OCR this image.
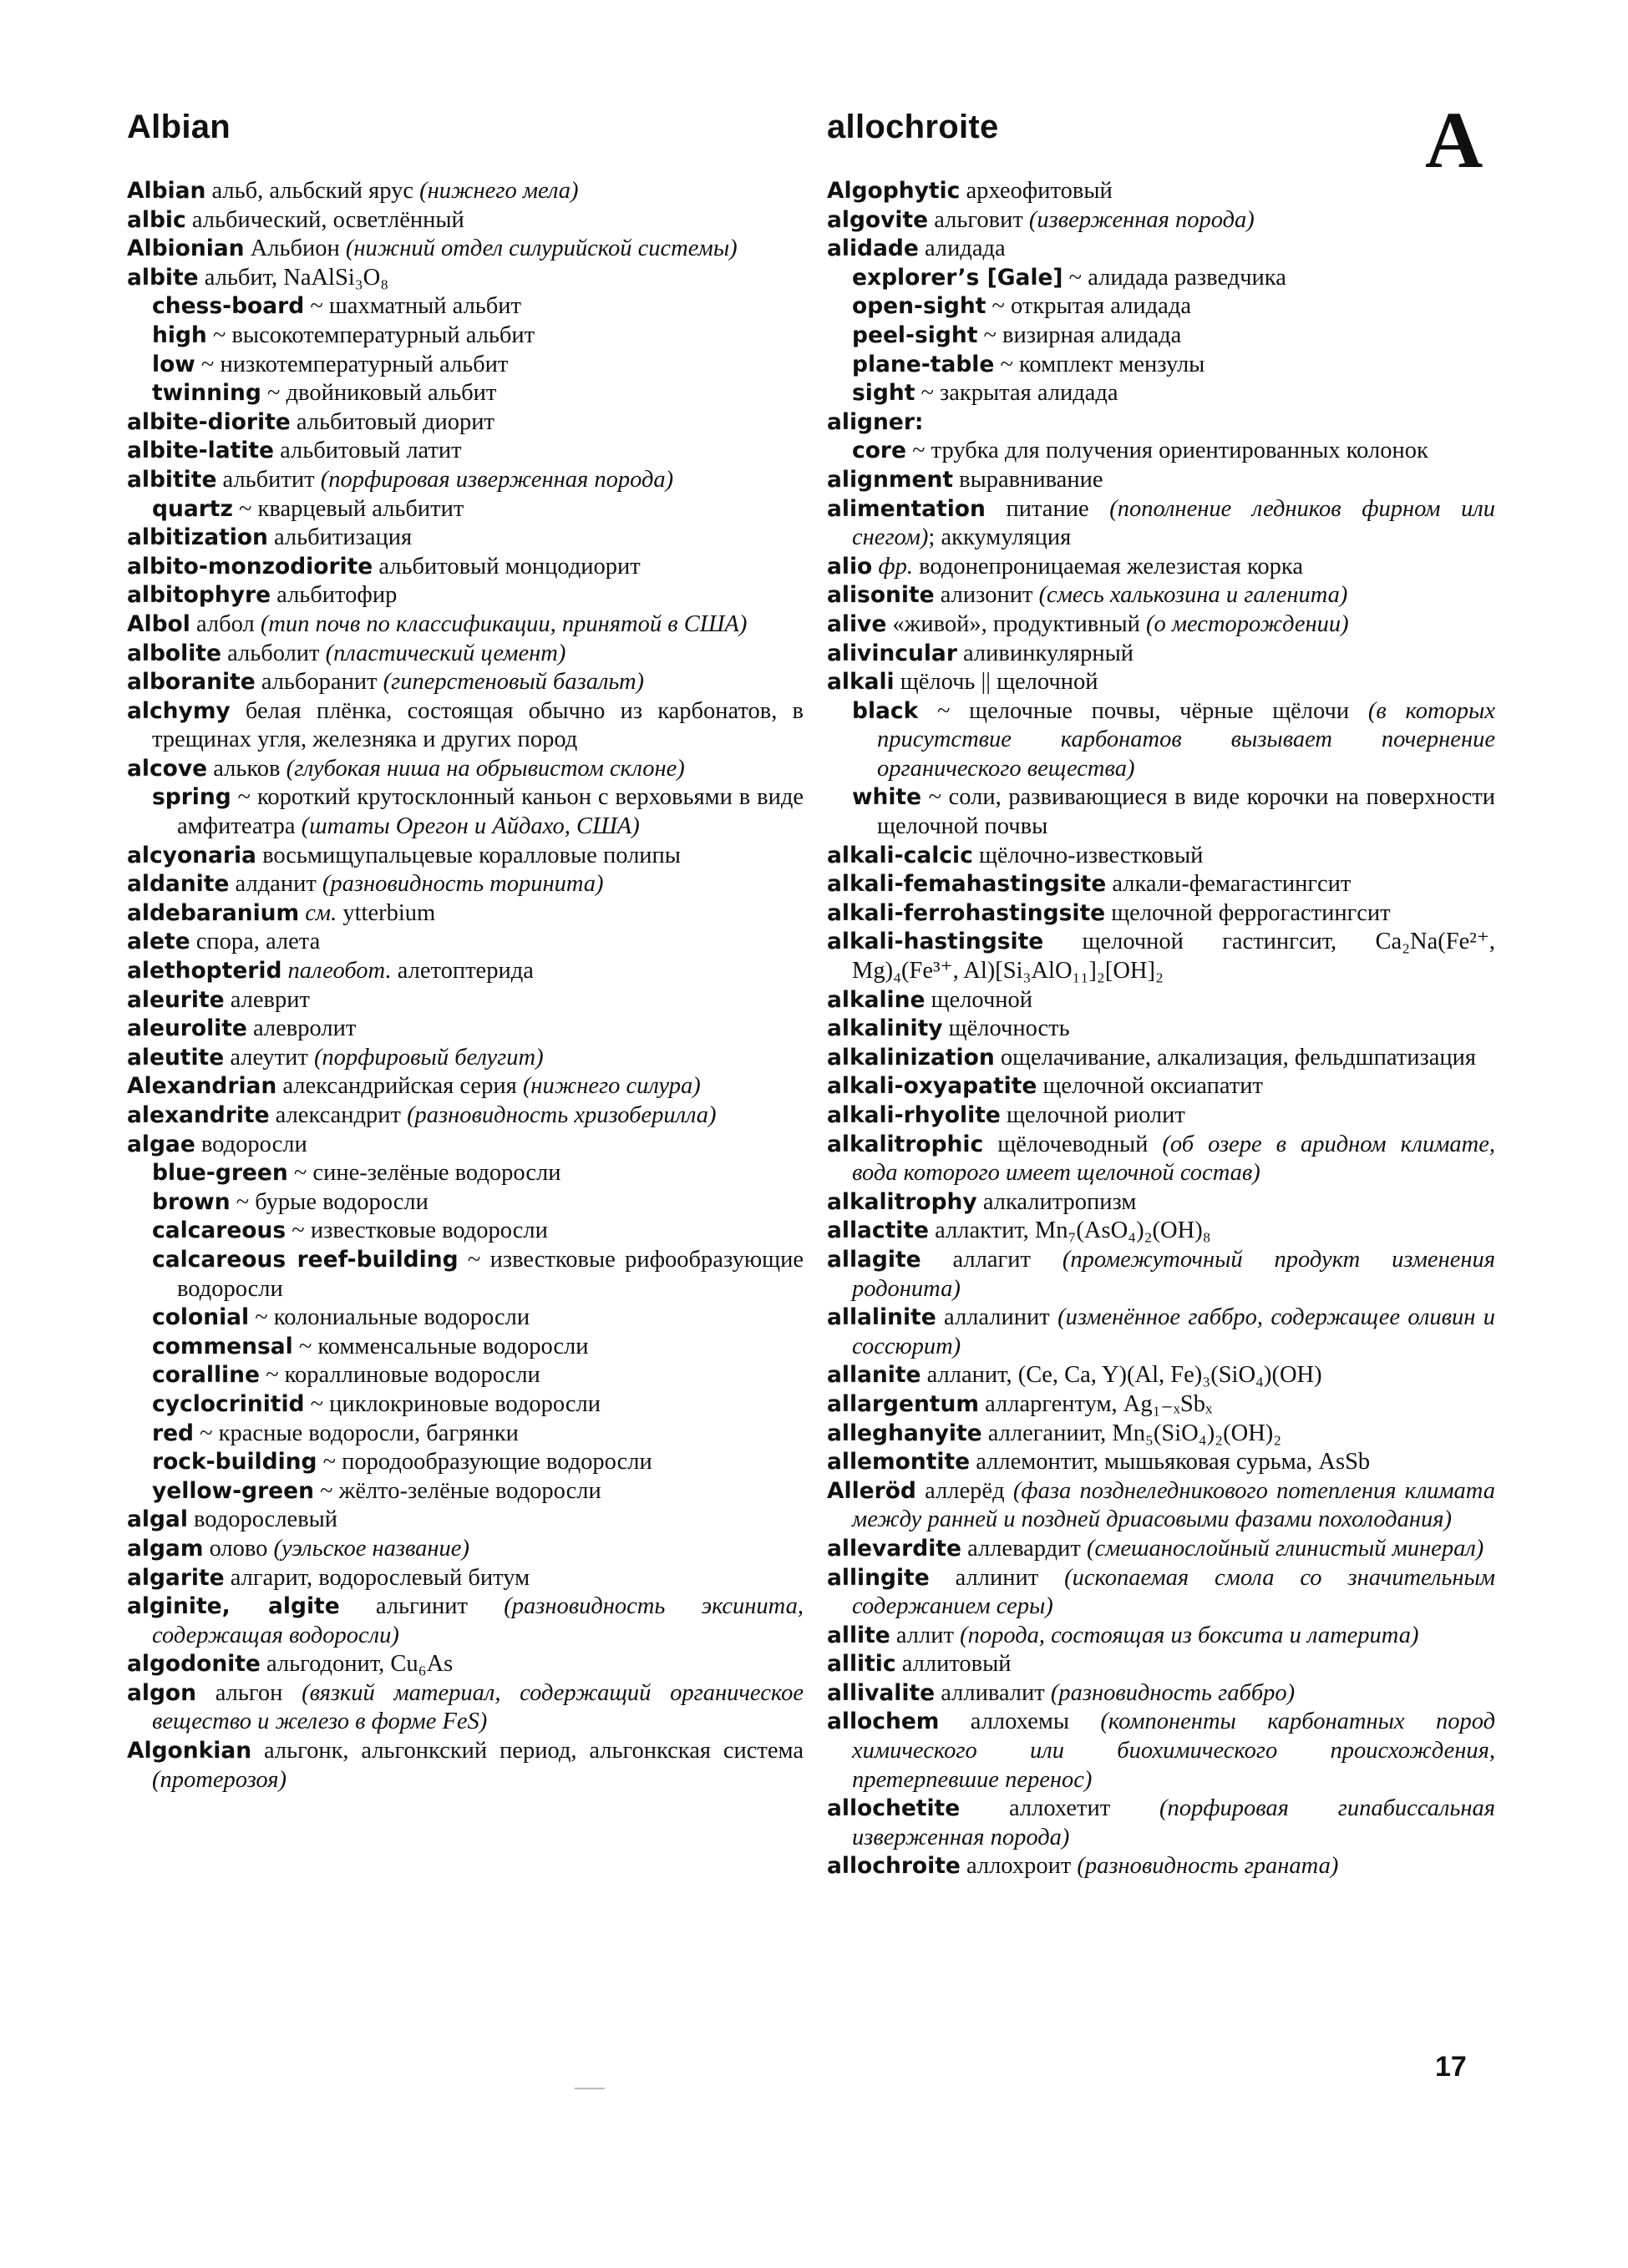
Albian	allochroite	A

Albian альб, альбский ярус (нижнего мела)

albic альбический, осветлённый

Albionian Альбион (нижний отдел силурийской системы)

albite альбит, NaAlSi₃O₈

chess-board ~ шахматный альбит

high ~ высокотемпературный альбит

low ~ низкотемпературный альбит

twinning ~ двойниковый альбит

albite-diorite альбитовый диорит

albite-latite альбитовый латит

albitite альбитит (порфировая изверженная порода)

quartz ~ кварцевый альбитит

albitization альбитизация

albito-monzodiorite альбитовый монцодиорит

albitophyre альбитофир

Albol албол (тип почв по классификации, принятой в США)

albolite альболит (пластический цемент)

alboranite альборанит (гиперстеновый базальт)

alchymy белая плёнка, состоящая обычно из карбонатов, в трещинах угля, железняка и других пород

alcove альков (глубокая ниша на обрывистом склоне)

spring ~ короткий крутосклонный каньон с верховьями в виде амфитеатра (штаты Орегон и Айдахо, США)

alcyonaria восьмищупальцевые коралловые полипы

aldanite алданит (разновидность торинита)

aldebaranium см. ytterbium

alete спора, алета

alethopterid палеобот. алетоптерида

aleurite алеврит

aleurolite алевролит

aleutite алеутит (порфировый белугит)

Alexandrian александрийская серия (нижнего силура)

alexandrite александрит (разновидность хризоберилла)

algae водоросли

blue-green ~ сине-зелёные водоросли

brown ~ бурые водоросли

calcareous ~ известковые водоросли

calcareous reef-building ~ известковые рифообразующие водоросли

colonial ~ колониальные водоросли

commensal ~ комменсальные водоросли

coralline ~ кораллиновые водоросли

cyclocrinitid ~ циклокриновые водоросли

red ~ красные водоросли, багрянки

rock-building ~ породообразующие водоросли

yellow-green ~ жёлто-зелёные водоросли

algal водорослевый

algam олово (уэльское название)

algarite алгарит, водорослевый битум

alginite, algite альгинит (разновидность эксинита, содержащая водоросли)

algodonite альгодонит, Cu₆As

algon альгон (вязкий материал, содержащий органическое вещество и железо в форме FeS)

Algonkian альгонк, альгонкский период, альгонкская система (протерозоя)

Algophytic археофитовый

algovite альговит (изверженная порода)

alidade алидада

explorer’s [Gale] ~ алидада разведчика

open-sight ~ открытая алидада

peel-sight ~ визирная алидада

plane-table ~ комплект мензулы

sight ~ закрытая алидада

aligner:

core ~ трубка для получения ориентированных колонок

alignment выравнивание

alimentation питание (пополнение ледников фирном или снегом); аккумуляция

alio фр. водонепроницаемая железистая корка

alisonite ализонит (смесь халькозина и галенита)

alive «живой», продуктивный (о месторождении)

alivincular аливинкулярный

alkali щёлочь || щелочной

black ~ щелочные почвы, чёрные щёлочи (в которых присутствие карбонатов вызывает почернение органического вещества)

white ~ соли, развивающиеся в виде корочки на поверхности щелочной почвы

alkali-calcic щёлочно-известковый

alkali-femahastingsite алкали-фемагастингсит

alkali-ferrohastingsite щелочной феррогастингсит

alkali-hastingsite щелочной гастингсит, Ca₂Na(Fe²⁺, Mg)₄(Fe³⁺, Al)[Si₃AlO₁₁]₂[OH]₂

alkaline щелочной

alkalinity щёлочность

alkalinization ощелачивание, алкализация, фельдшпатизация

alkali-oxyapatite щелочной оксиапатит

alkali-rhyolite щелочной риолит

alkalitrophic щёлочеводный (об озере в аридном климате, вода которого имеет щелочной состав)

alkalitrophy алкалитропизм

allactite аллактит, Mn₇(AsO₄)₂(OH)₈

allagite аллагит (промежуточный продукт изменения родонита)

allalinite аллалинит (изменённое габбро, содержащее оливин и соссюрит)

allanite алланит, (Ce, Ca, Y)(Al, Fe)₃(SiO₄)(OH)

allargentum аллаpгентум, Ag₁₋ₓSbₓ

alleghanyite аллеганиит, Mn₅(SiO₄)₂(OH)₂

allemontite аллемонтит, мышьяковая сурьма, AsSb

Alleröd аллерёд (фаза позднеледникового потепления климата между ранней и поздней дриасовыми фазами похолодания)

allevardite аллевардит (смешанослойный глинистый минерал)

allingite аллинит (ископаемая смола со значительным содержанием серы)

allite аллит (порода, состоящая из боксита и латерита)

allitic аллитовый

allivalite алливалит (разновидность габбро)

allochem аллохемы (компоненты карбонатных пород химического или биохимического происхождения, претерпевшие перенос)

allochetite аллохетит (порфировая гипабиссальная изверженная порода)

allochroite аллохроит (разновидность граната)

17
